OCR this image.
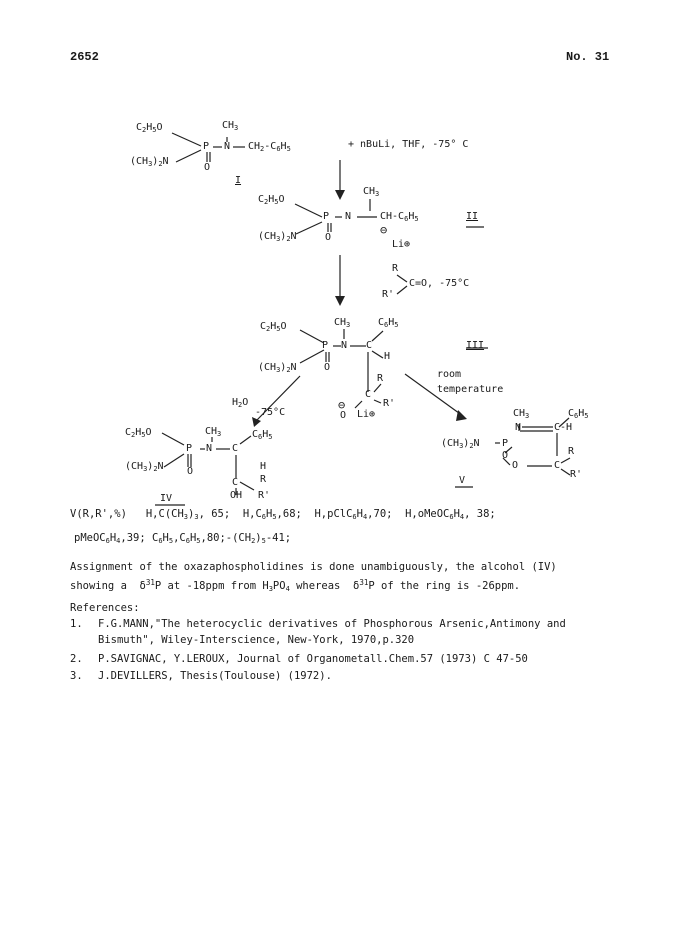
2652	No. 31
$C_2H_5O$	$CH_3$
P N $CH_2-C_6H_5$
$(CH_3)_2N$
O
I
+ nBuLi, THF, -75° C
$C_2H_5O$
$CH_3$
P N	$CH-C_6H_5$
⊖
$(CH_3)_2N$	O
Li⊕
II
R
R'
C=O, -75°C
$C_2H_5O$	$CH_3$	$C_6H_5$
P N C
H
$(CH_3)_2N$	O
R
C
R'
⊖
O Li⊕
III
$H_2O$
-75°C
room
temperature
$C_2H_5O$	$CH_3$	$C_6H_5$
P N C
$(CH_3)_2N$ O	H
R
C
OH R'
IV
$CH_3$	$C_6H_5$
N	C-H
$(CH_3)_2N$ P
O	R
O	C
R'
V
V(R,R',%)   $H,C(CH_3)_3$, 65;  $H,C_6H_5,68$;  $H,pClC_6H_4,70$;  $H,oMeOC_6H_4$, 38;
$pMeOC_6H_4,39$; $C_6H_5,C_6H_5,80;-(CH_2)_5-41$;
Assignment of the oxazaphospholidines is done unambiguously, the alcohol (IV)
showing a  $\delta^{31}P$ at -18ppm from $H_3PO_4$ whereas  $\delta^{31}P$ of the ring is -26ppm.
References:
1. F.G.MANN,"The heterocyclic derivatives of Phosphorous Arsenic,Antimony and
Bismuth", Wiley-Interscience, New-York, 1970,p.320
2. P.SAVIGNAC, Y.LEROUX, Journal of Organometall.Chem.57 (1973) C 47-50
3. J.DEVILLERS, Thesis(Toulouse) (1972).
